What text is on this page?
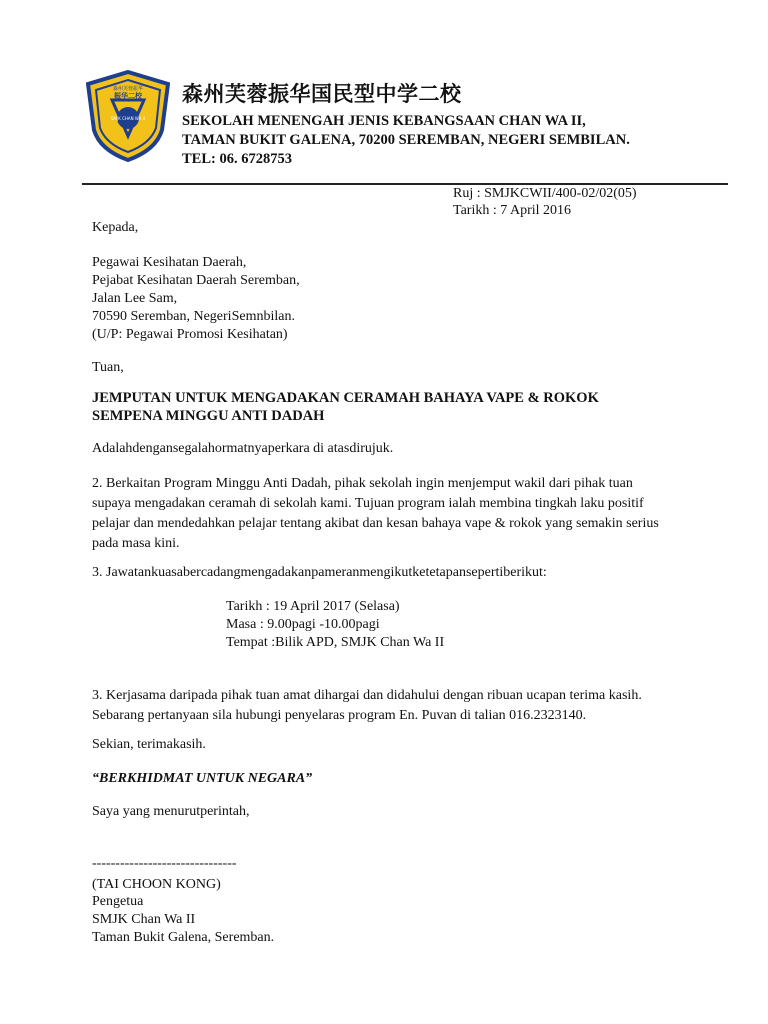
森州芙蓉振华
振华二校
SMJK CHAN WA II
森州芙蓉振华国民型中学二校
SEKOLAH MENENGAH JENIS KEBANGSAAN CHAN WA II,
TAMAN BUKIT GALENA, 70200 SEREMBAN, NEGERI SEMBILAN.
TEL: 06. 6728753
Ruj : SMJKCWII/400-02/02(05)
Tarikh : 7 April 2016
Kepada,
Pegawai Kesihatan Daerah,
Pejabat Kesihatan Daerah Seremban,
Jalan Lee Sam,
70590 Seremban, NegeriSemnbilan.
(U/P: Pegawai Promosi Kesihatan)
Tuan,
JEMPUTAN UNTUK MENGADAKAN CERAMAH BAHAYA VAPE & ROKOK
SEMPENA MINGGU ANTI DADAH
Adalahdengansegalahormatnyaperkara di atasdirujuk.
2. Berkaitan Program Minggu Anti Dadah, pihak sekolah ingin menjemput wakil dari pihak tuan supaya mengadakan ceramah di sekolah kami. Tujuan program ialah membina tingkah laku positif pelajar dan mendedahkan pelajar tentang akibat dan kesan bahaya vape & rokok yang semakin serius pada masa kini.
3. Jawatankuasabercadangmengadakanpameranmengikutketetapansepertiberikut:
Tarikh : 19 April 2017 (Selasa)
Masa : 9.00pagi -10.00pagi
Tempat :Bilik APD, SMJK Chan Wa II
3. Kerjasama daripada pihak tuan amat dihargai dan didahului dengan ribuan ucapan terima kasih. Sebarang pertanyaan sila hubungi penyelaras program En. Puvan di talian 016.2323140.
Sekian, terimakasih.
“BERKHIDMAT UNTUK NEGARA”
Saya yang menurutperintah,
-------------------------------
(TAI CHOON KONG)
Pengetua
SMJK Chan Wa II
Taman Bukit Galena, Seremban.
